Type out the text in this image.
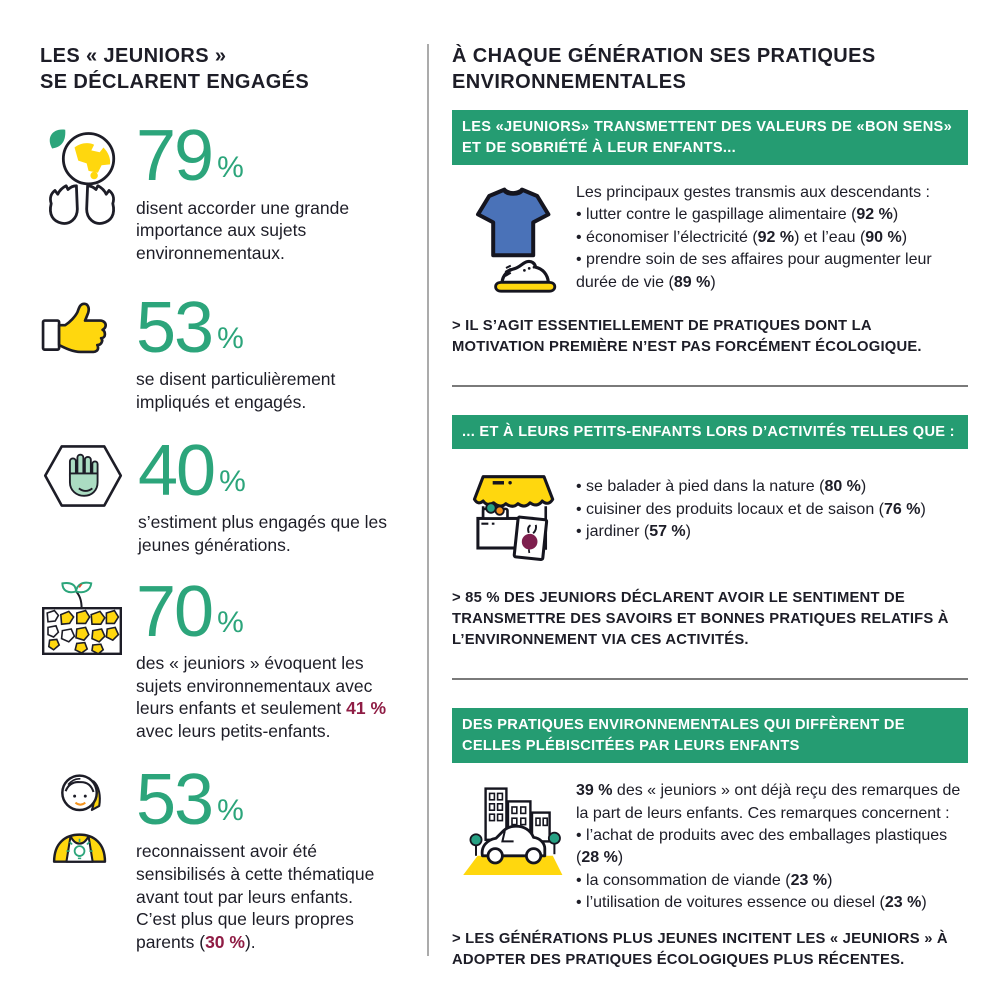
LES « JEUNIORS »
SE DÉCLARENT ENGAGÉS
79 %
disent accorder une grande importance aux sujets environnementaux.
53 %
se disent particulièrement impliqués et engagés.
40 %
s’estiment plus engagés que les jeunes générations.
70 %
des « jeuniors » évoquent les sujets environnementaux avec leurs enfants et seulement 41 % avec leurs petits-enfants.
53 %
reconnaissent avoir été sensibilisés à cette thématique avant tout par leurs enfants. C’est plus que leurs propres parents (30 %).
À CHAQUE GÉNÉRATION SES PRATIQUES
ENVIRONNEMENTALES
LES «JEUNIORS» TRANSMETTENT DES VALEURS DE «BON SENS» ET DE SOBRIÉTÉ À LEUR ENFANTS...
Les principaux gestes transmis aux descendants :
• lutter contre le gaspillage alimentaire (92 %)
• économiser l’électricité (92 %) et l’eau (90 %)
• prendre soin de ses affaires pour augmenter leur durée de vie (89 %)
> IL S’AGIT ESSENTIELLEMENT DE PRATIQUES DONT LA MOTIVATION PREMIÈRE N’EST PAS FORCÉMENT ÉCOLOGIQUE.
... ET À LEURS PETITS-ENFANTS LORS D’ACTIVITÉS TELLES QUE :
• se balader à pied dans la nature (80 %)
• cuisiner des produits locaux et de saison (76 %)
• jardiner (57 %)
> 85 % DES JEUNIORS DÉCLARENT AVOIR LE SENTIMENT DE TRANSMETTRE DES SAVOIRS ET BONNES PRATIQUES RELATIFS À L’ENVIRONNEMENT VIA CES ACTIVITÉS.
DES PRATIQUES ENVIRONNEMENTALES QUI DIFFÈRENT DE CELLES PLÉBISCITÉES PAR LEURS ENFANTS
39 % des « jeuniors » ont déjà reçu des remarques de la part de leurs enfants. Ces remarques concernent :
• l’achat de produits avec des emballages plastiques (28 %)
• la consommation de viande (23 %)
• l’utilisation de voitures essence ou diesel (23 %)
> LES GÉNÉRATIONS PLUS JEUNES INCITENT LES « JEUNIORS » À ADOPTER DES PRATIQUES ÉCOLOGIQUES PLUS RÉCENTES.
